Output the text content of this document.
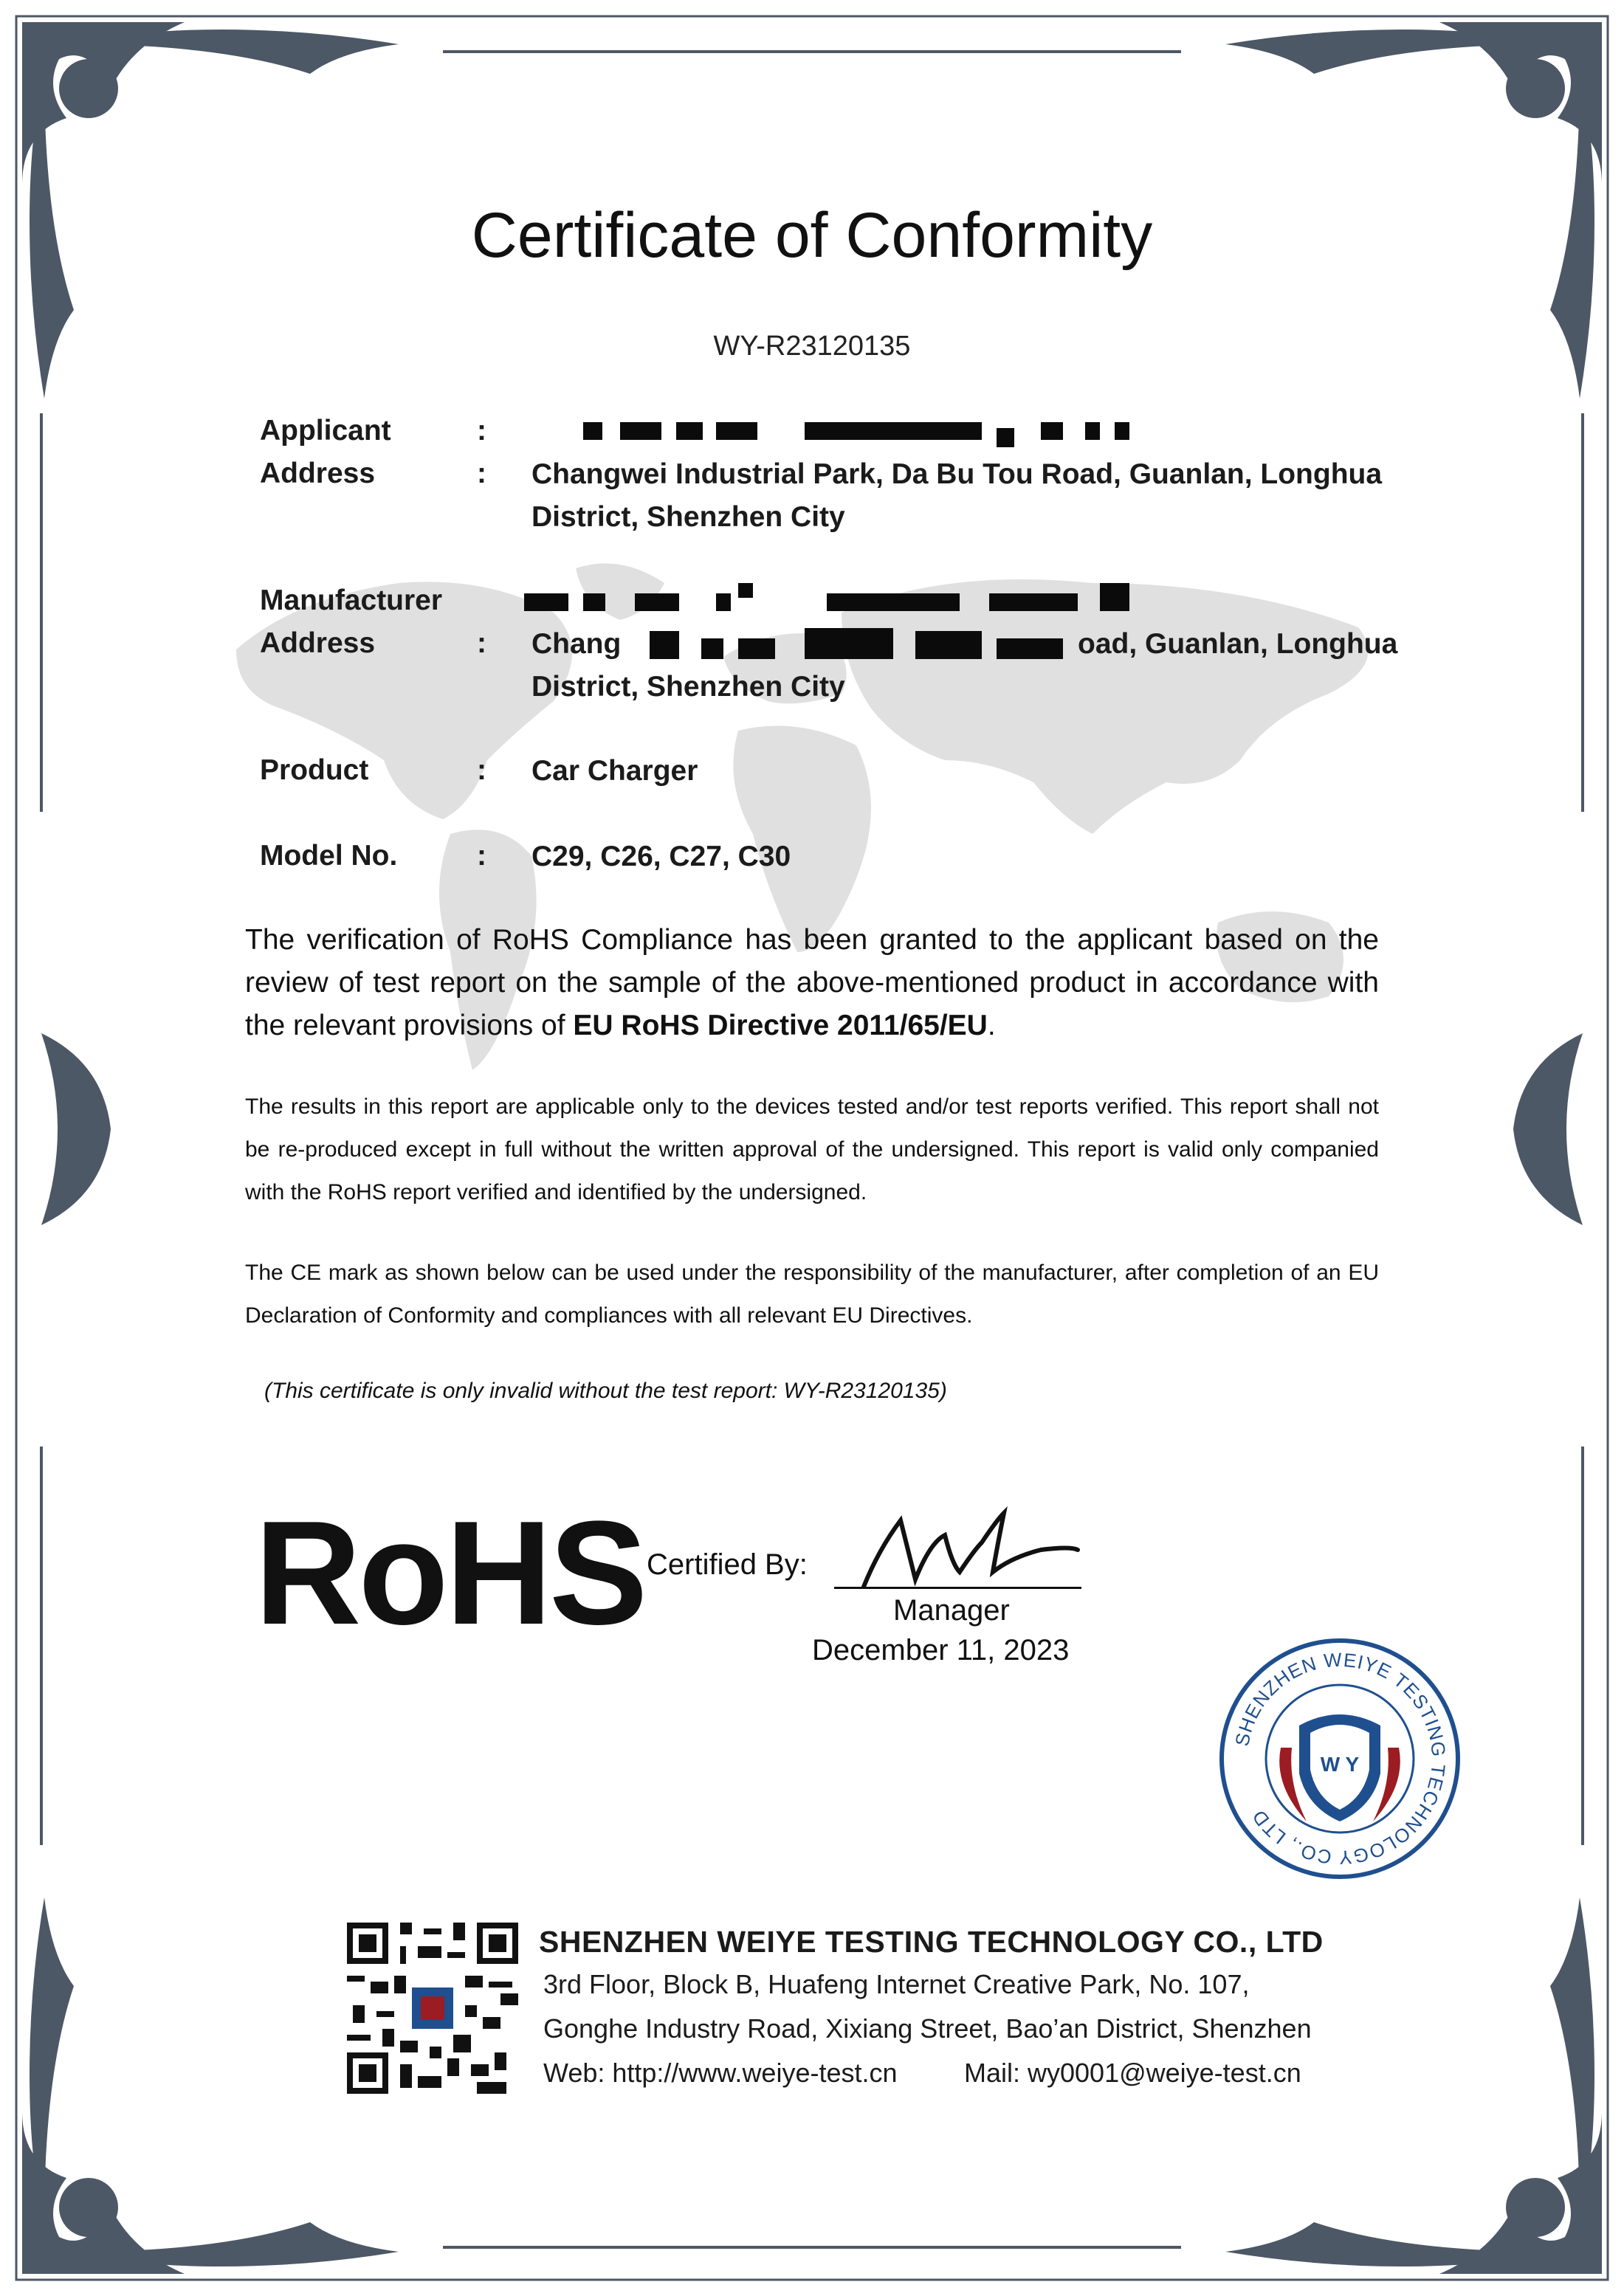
Certificate of Conformity
WY-R23120135
Applicant	:
Address	: Changwei Industrial Park, Da Bu Tou Road, Guanlan, Longhua
District, Shenzhen City
Manufacturer
Address	: Chang	oad, Guanlan, Longhua
District, Shenzhen City
Product	: Car Charger
Model No.	: C29, C26, C27, C30
The verification of RoHS Compliance has been granted to the applicant based on the review of test report on the sample of the above-mentioned product in accordance with the relevant provisions of EU RoHS Directive 2011/65/EU.
The results in this report are applicable only to the devices tested and/or test reports verified. This report shall not be re-produced except in full without the written approval of the undersigned. This report is valid only companied with the RoHS report verified and identified by the undersigned.
The CE mark as shown below can be used under the responsibility of the manufacturer, after completion of an EU Declaration of Conformity and compliances with all relevant EU Directives.
(This certificate is only invalid without the test report: WY-R23120135)
RoHS Certified By:
Manager
December 11, 2023
SHENZHEN WEIYE TESTING TECHNOLOGY CO., LTD
W Y
SHENZHEN WEIYE TESTING TECHNOLOGY CO., LTD
3rd Floor, Block B, Huafeng Internet Creative Park, No. 107,
Gonghe Industry Road, Xixiang Street, Bao’an District, Shenzhen
Web: http://www.weiye-test.cn	Mail: wy0001@weiye-test.cn
